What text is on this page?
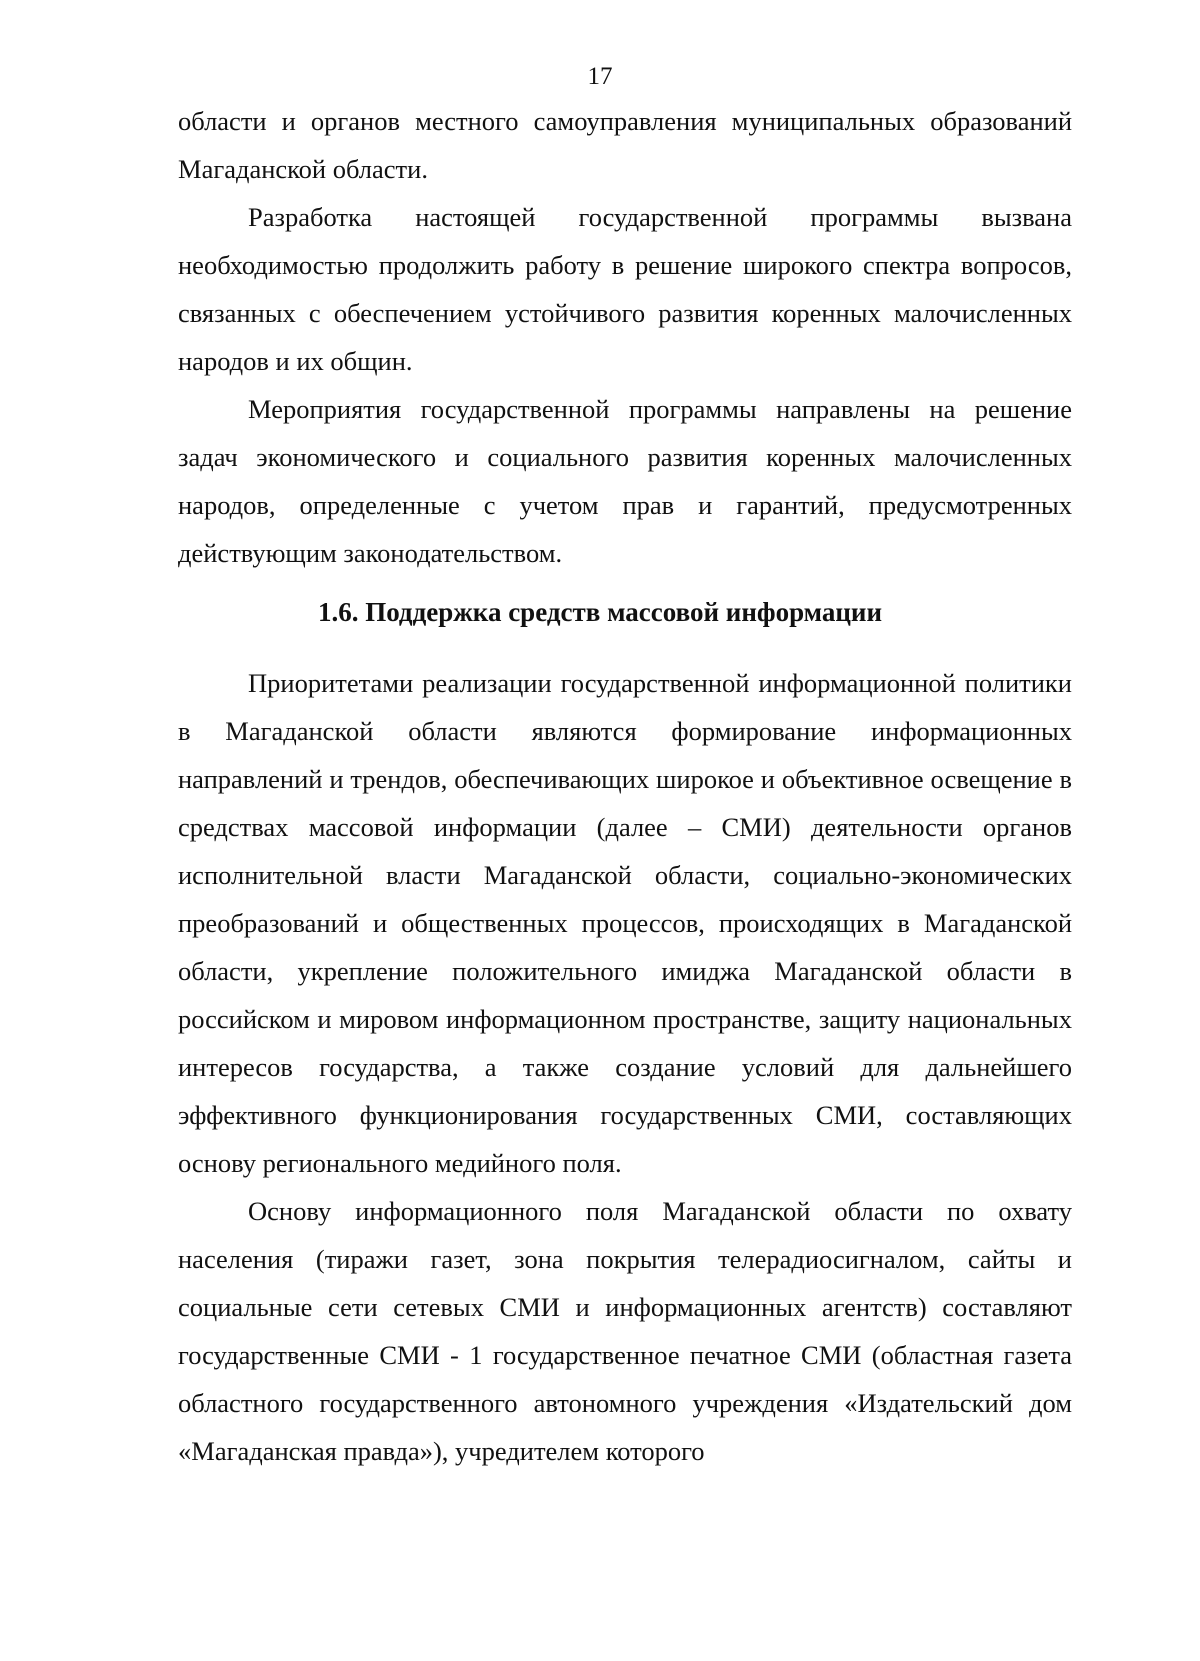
17

области и органов местного самоуправления муниципальных образований Магаданской области.

Разработка настоящей государственной программы вызвана необходимостью продолжить работу в решение широкого спектра вопросов, связанных с обеспечением устойчивого развития коренных малочисленных народов и их общин.

Мероприятия государственной программы направлены на решение задач экономического и социального развития коренных малочисленных народов, определенные с учетом прав и гарантий, предусмотренных действующим законодательством.

1.6. Поддержка средств массовой информации

Приоритетами реализации государственной информационной политики в Магаданской области являются формирование информационных направлений и трендов, обеспечивающих широкое и объективное освещение в средствах массовой информации (далее – СМИ) деятельности органов исполнительной власти Магаданской области, социально-экономических преобразований и общественных процессов, происходящих в Магаданской области, укрепление положительного имиджа Магаданской области в российском и мировом информационном пространстве, защиту национальных интересов государства, а также создание условий для дальнейшего эффективного функционирования государственных СМИ, составляющих основу регионального медийного поля.

Основу информационного поля Магаданской области по охвату населения (тиражи газет, зона покрытия телерадиосигналом, сайты и социальные сети сетевых СМИ и информационных агентств) составляют государственные СМИ - 1 государственное печатное СМИ (областная газета областного государственного автономного учреждения «Издательский дом «Магаданская правда»), учредителем которого
